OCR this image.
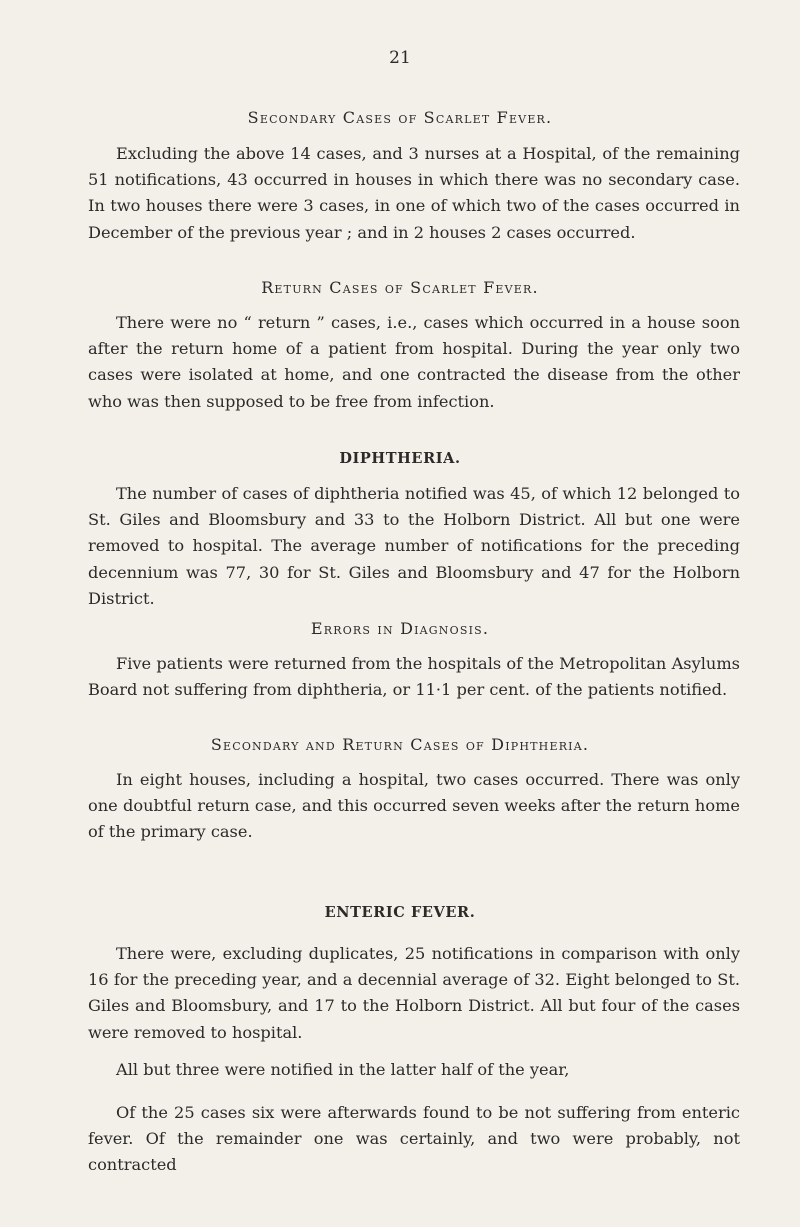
21
Secondary Cases of Scarlet Fever.

Excluding the above 14 cases, and 3 nurses at a Hospital, of the remaining 51 notifications, 43 occurred in houses in which there was no secondary case. In two houses there were 3 cases, in one of which two of the cases occurred in December of the previous year ; and in 2 houses 2 cases occurred.

Return Cases of Scarlet Fever.

There were no “ return ” cases, i.e., cases which occurred in a house soon after the return home of a patient from hospital. During the year only two cases were isolated at home, and one contracted the disease from the other who was then supposed to be free from infection.

DIPHTHERIA.

The number of cases of diphtheria notified was 45, of which 12 belonged to St. Giles and Bloomsbury and 33 to the Holborn District. All but one were removed to hospital. The average number of notifications for the preceding decennium was 77, 30 for St. Giles and Bloomsbury and 47 for the Holborn District.

Errors in Diagnosis.

Five patients were returned from the hospitals of the Metropolitan Asylums Board not suffering from diphtheria, or 11·1 per cent. of the patients notified.

Secondary and Return Cases of Diphtheria.

In eight houses, including a hospital, two cases occurred. There was only one doubtful return case, and this occurred seven weeks after the return home of the primary case.

ENTERIC FEVER.

There were, excluding duplicates, 25 notifications in comparison with only 16 for the preceding year, and a decennial average of 32. Eight belonged to St. Giles and Bloomsbury, and 17 to the Holborn District. All but four of the cases were removed to hospital.

All but three were notified in the latter half of the year,

Of the 25 cases six were afterwards found to be not suffering from enteric fever. Of the remainder one was certainly, and two were probably, not contracted
